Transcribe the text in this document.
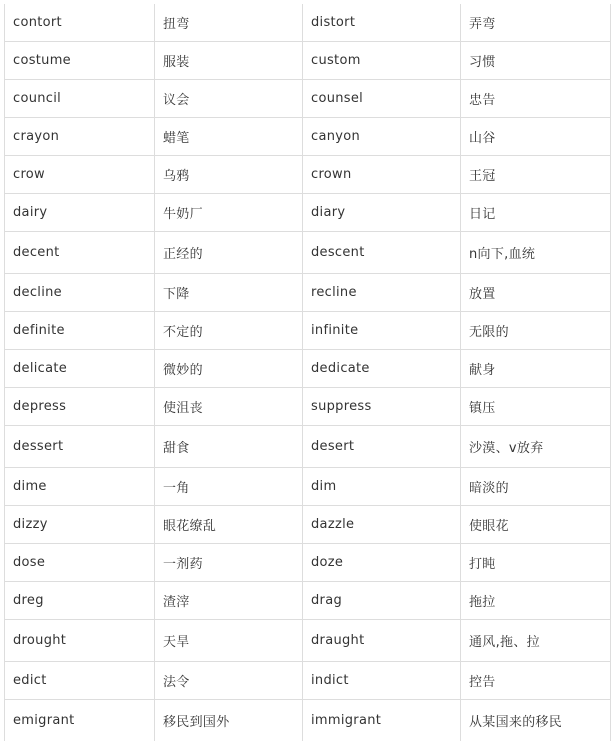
contort	扭弯	distort	弄弯
costume	服装	custom	习惯
council	议会	counsel	忠告
crayon	蜡笔	canyon	山谷
crow	乌鸦	crown	王冠
dairy	牛奶厂	diary	日记
decent	正经的	descent	n向下,血统
decline	下降	recline	放置
definite	不定的	infinite	无限的
delicate	微妙的	dedicate	献身
depress	使沮丧	suppress	镇压
dessert	甜食	desert	沙漠、v放弃
dime	一角	dim	暗淡的
dizzy	眼花缭乱	dazzle	使眼花
dose	一剂药	doze	打盹
dreg	渣滓	drag	拖拉
drought	天旱	draught	通风,拖、拉
edict	法令	indict	控告
emigrant	移民到国外	immigrant	从某国来的移民
